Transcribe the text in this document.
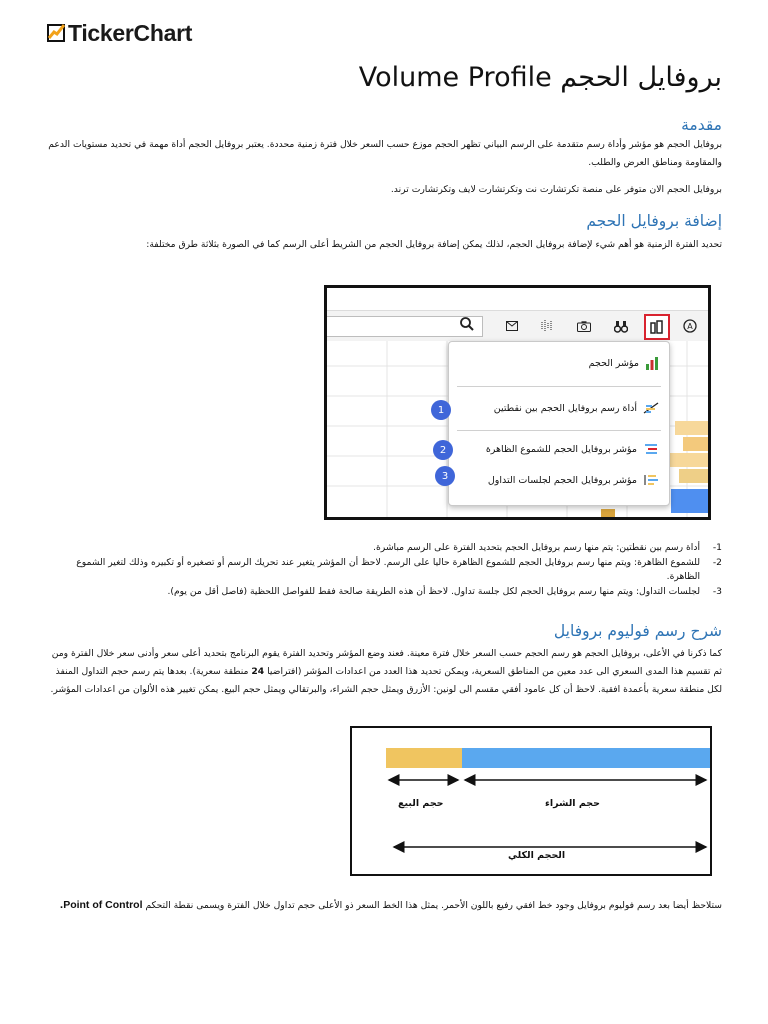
TickerChart
بروفايل الحجم Volume Profile
مقدمة
بروفايل الحجم هو مؤشر وأداة رسم متقدمة على الرسم البياني تظهر الحجم موزع حسب السعر خلال فترة زمنية محددة. يعتبر بروفايل الحجم أداة مهمة في تحديد مستويات الدعم والمقاومة ومناطق العرض والطلب.
بروفايل الحجم الان متوفر على منصة تكرتشارت نت وتكرتشارت لايف وتكرتشارت ترند.
إضافة بروفايل الحجم
تحديد الفترة الزمنية هو أهم شيء لإضافة بروفايل الحجم، لذلك يمكن إضافة بروفايل الحجم من الشريط أعلى الرسم كما في الصورة بثلاثة طرق مختلفة:
A
مؤشر الحجم
أداة رسم بروفايل الحجم بين نقطتين
مؤشر بروفايل الحجم للشموع الظاهرة
مؤشر بروفايل الحجم لجلسات التداول
1
2
3
-1
أداة رسم بين نقطتين: يتم منها رسم بروفايل الحجم بتحديد الفترة على الرسم مباشرة.
-2
للشموع الظاهرة: ويتم منها رسم بروفايل الحجم للشموع الظاهرة حاليا على الرسم. لاحظ أن المؤشر يتغير عند تحريك الرسم أو تصغيره أو تكبيره وذلك لتغير الشموع الظاهرة.
-3
لجلسات التداول: ويتم منها رسم بروفايل الحجم لكل جلسة تداول. لاحظ أن هذه الطريقة صالحة فقط للفواصل اللحظية (فاصل أقل من يوم).
شرح رسم فوليوم بروفايل
كما ذكرنا في الأعلى، بروفايل الحجم هو رسم الحجم حسب السعر خلال فترة معينة. فعند وضع المؤشر وتحديد الفترة يقوم البرنامج بتحديد أعلى سعر وأدنى سعر خلال الفترة ومن ثم تقسيم هذا المدى السعري الى عدد معين من المناطق السعرية، ويمكن تحديد هذا العدد من اعدادات المؤشر (افتراضيا 24 منطقة سعرية). بعدها يتم رسم حجم التداول المنفذ لكل منطقة سعرية بأعمدة افقية. لاحظ أن كل عامود أفقي مقسم الى لونين: الأزرق ويمثل حجم الشراء، والبرتقالي ويمثل حجم البيع. يمكن تغيير هذه الألوان من اعدادات المؤشر.
حجم البيع	حجم الشراء
الحجم الكلي
ستلاحظ أيضا بعد رسم فوليوم بروفايل وجود خط افقي رفيع باللون الأحمر. يمثل هذا الخط السعر ذو الأعلى حجم تداول خلال الفترة ويسمى نقطة التحكم Point of Control.
